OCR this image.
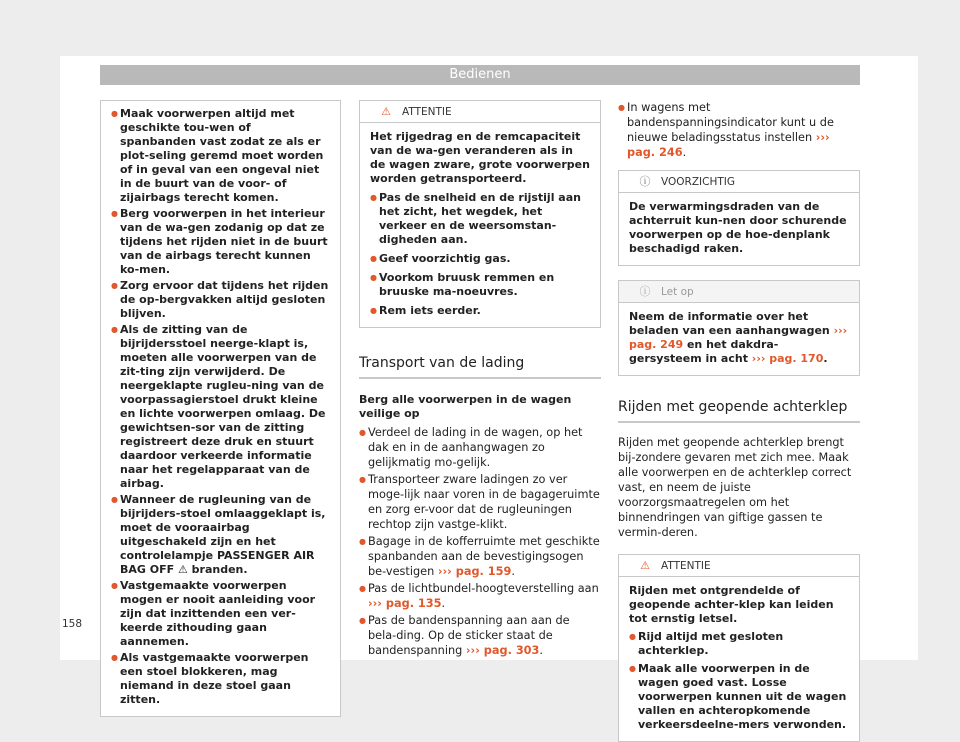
Bedienen
● Maak voorwerpen altijd met geschikte tou-wen of spanbanden vast zodat ze als er plot-seling geremd moet worden of in geval van een ongeval niet in de buurt van de voor- of zijairbags terecht komen.
● Berg voorwerpen in het interieur van de wa-gen zodanig op dat ze tijdens het rijden niet in de buurt van de airbags terecht kunnen ko-men.
● Zorg ervoor dat tijdens het rijden de op-bergvakken altijd gesloten blijven.
● Als de zitting van de bijrijdersstoel neerge-klapt is, moeten alle voorwerpen van de zit-ting zijn verwijderd. De neergeklapte rugleu-ning van de voorpassagierstoel drukt kleine en lichte voorwerpen omlaag. De gewichtsen-sor van de zitting registreert deze druk en stuurt daardoor verkeerde informatie naar het regelapparaat van de airbag.
● Wanneer de rugleuning van de bijrijders-stoel omlaaggeklapt is, moet de vooraairbag uitgeschakeld zijn en het controlelampje PASSENGER AIR BAG OFF ⚠ branden.
● Vastgemaakte voorwerpen mogen er nooit aanleiding voor zijn dat inzittenden een ver-keerde zithouding gaan aannemen.
● Als vastgemaakte voorwerpen een stoel blokkeren, mag niemand in deze stoel gaan zitten.
⚠ ATTENTIE
Het rijgedrag en de remcapaciteit van de wa-gen veranderen als in de wagen zware, grote voorwerpen worden getransporteerd.
● Pas de snelheid en de rijstijl aan het zicht, het wegdek, het verkeer en de weersomstan-digheden aan.
● Geef voorzichtig gas.
● Voorkom bruusk remmen en bruuske ma-noeuvres.
● Rem iets eerder.
Transport van de lading
Berg alle voorwerpen in de wagen veilige op
● Verdeel de lading in de wagen, op het dak en in de aanhangwagen zo gelijkmatig mo-gelijk.
● Transporteer zware ladingen zo ver moge-lijk naar voren in de bagageruimte en zorg er-voor dat de rugleuningen rechtop zijn vastge-klikt.
● Bagage in de kofferruimte met geschikte spanbanden aan de bevestigingsogen be-vestigen ››› pag. 159.
● Pas de lichtbundel-hoogteverstelling aan ››› pag. 135.
● Pas de bandenspanning aan aan de bela-ding. Op de sticker staat de bandenspanning ››› pag. 303.
● In wagens met bandenspanningsindicator kunt u de nieuwe beladingsstatus instellen ››› pag. 246.
ⓘ VOORZICHTIG
De verwarmingsdraden van de achterruit kun-nen door schurende voorwerpen op de hoe-denplank beschadigd raken.
ⓘ Let op
Neem de informatie over het beladen van een aanhangwagen ››› pag. 249 en het dakdra-gersysteem in acht ››› pag. 170.
Rijden met geopende achterklep
Rijden met geopende achterklep brengt bij-zondere gevaren met zich mee. Maak alle voorwerpen en de achterklep correct vast, en neem de juiste voorzorgsmaatregelen om het binnendringen van giftige gassen te vermin-deren.
⚠ ATTENTIE
Rijden met ontgrendelde of geopende achter-klep kan leiden tot ernstig letsel.
● Rijd altijd met gesloten achterklep.
● Maak alle voorwerpen in de wagen goed vast. Losse voorwerpen kunnen uit de wagen vallen en achteropkomende verkeersdeelne-mers verwonden.
158
